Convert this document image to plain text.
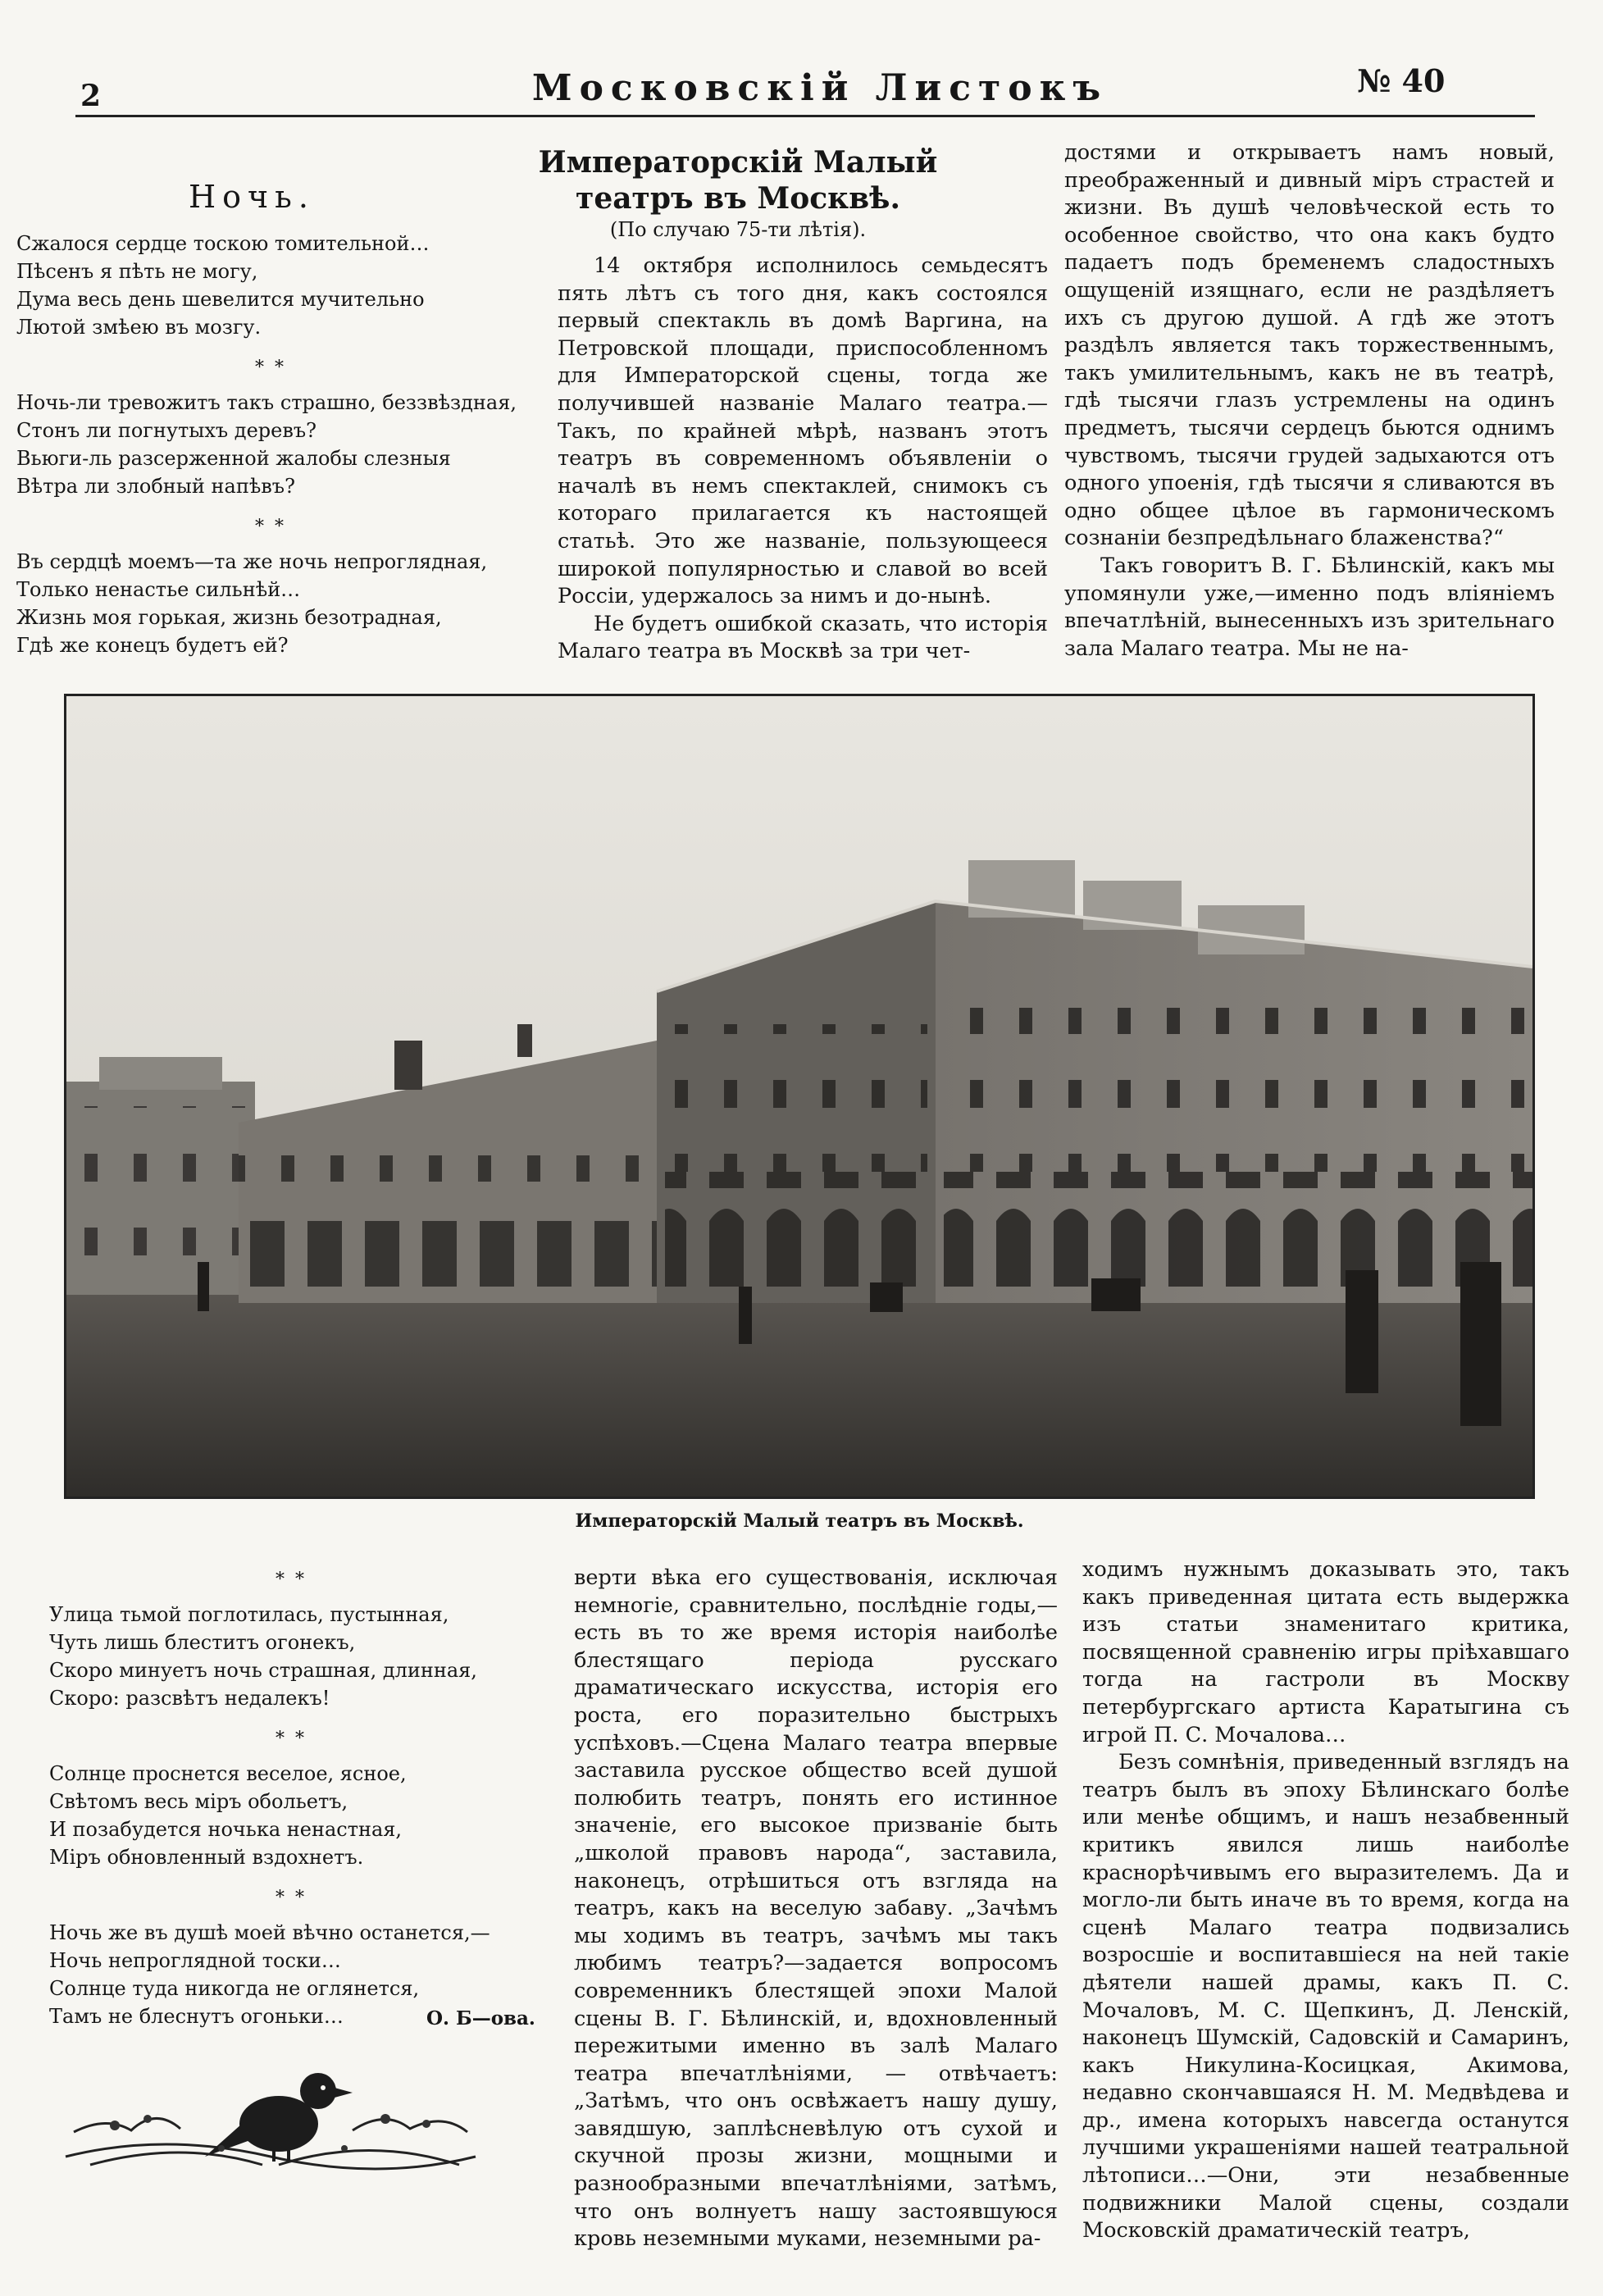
2	Московскій Листокъ	№ 40
Ночь.
Сжалося сердце тоскою томительной…
Пѣсенъ я пѣть не могу,
Дума весь день шевелится мучительно
Лютой змѣею въ мозгу.
* *
Ночь-ли тревожитъ такъ страшно, беззвѣздная,
Стонъ ли погнутыхъ деревъ?
Вьюги-ль разсерженной жалобы слезныя
Вѣтра ли злобный напѣвъ?
* *
Въ сердцѣ моемъ—та же ночь непроглядная,
Только ненастье сильнѣй…
Жизнь моя горькая, жизнь безотрадная,
Гдѣ же конецъ будетъ ей?
Императорскій Малый театръ въ Москвѣ.
(По случаю 75-ти лѣтія).

14 октября исполнилось семьдесятъ пять лѣтъ съ того дня, какъ состоялся первый спектакль въ домѣ Варгина, на Петровской площади, приспособленномъ для Императорской сцены, тогда же получившей названіе Малаго театра.—Такъ, по крайней мѣрѣ, названъ этотъ театръ въ современномъ объявленіи о началѣ въ немъ спектаклей, снимокъ съ котораго прилагается къ настоящей статьѣ. Это же названіе, пользующееся широкой популярностью и славой во всей Россіи, удержалось за нимъ и до-нынѣ.

Не будетъ ошибкой сказать, что исторія Малаго театра въ Москвѣ за три чет-

достями и открываетъ намъ новый, преображенный и дивный міръ страстей и жизни. Въ душѣ человѣческой есть то особенное свойство, что она какъ будто падаетъ подъ бременемъ сладостныхъ ощущеній изящнаго, если не раздѣляетъ ихъ съ другою душой. А гдѣ же этотъ раздѣлъ является такъ торжественнымъ, такъ умилительнымъ, какъ не въ театрѣ, гдѣ тысячи глазъ устремлены на одинъ предметъ, тысячи сердецъ бьются однимъ чувствомъ, тысячи грудей задыхаются отъ одного упоенія, гдѣ тысячи я сливаются въ одно общее цѣлое въ гармоническомъ сознаніи безпредѣльнаго блаженства?“

Такъ говоритъ В. Г. Бѣлинскій, какъ мы упомянули уже,—именно подъ вліяніемъ впечатлѣній, вынесенныхъ изъ зрительнаго зала Малаго театра. Мы не на-

Императорскій Малый театръ въ Москвѣ.
* *
Улица тьмой поглотилась, пустынная,
Чуть лишь блеститъ огонекъ,
Скоро минуетъ ночь страшная, длинная,
Скоро: разсвѣтъ недалекъ!
* *
Солнце проснется веселое, ясное,
Свѣтомъ весь міръ обольетъ,
И позабудется ночька ненастная,
Міръ обновленный вздохнетъ.
* *
Ночь же въ душѣ моей вѣчно останется,—
Ночь непроглядной тоски…
Солнце туда никогда не оглянется,
Тамъ не блеснутъ огоньки…	О. Б—ова.

верти вѣка его существованія, исключая немногіе, сравнительно, послѣдніе годы,—есть въ то же время исторія наиболѣе блестящаго періода русскаго драматическаго искусства, исторія его роста, его поразительно быстрыхъ успѣховъ.—Сцена Малаго театра впервые заставила русское общество всей душой полюбить театръ, понять его истинное значеніе, его высокое призваніе быть „школой правовъ народа“, заставила, наконецъ, отрѣшиться отъ взгляда на театръ, какъ на веселую забаву. „Зачѣмъ мы ходимъ въ театръ, зачѣмъ мы такъ любимъ театръ?—задается вопросомъ современникъ блестящей эпохи Малой сцены В. Г. Бѣлинскій, и, вдохновленный пережитыми именно въ залѣ Малаго театра впечатлѣніями, — отвѣчаетъ: „Затѣмъ, что онъ освѣжаетъ нашу душу, завядшую, заплѣсневѣлую отъ сухой и скучной прозы жизни, мощными и разнообразными впечатлѣніями, затѣмъ, что онъ волнуетъ нашу застоявшуюся кровь неземными муками, неземными ра-

ходимъ нужнымъ доказывать это, такъ какъ приведенная цитата есть выдержка изъ статьи знаменитаго критика, посвященной сравненію игры пріѣхавшаго тогда на гастроли въ Москву петербургскаго артиста Каратыгина съ игрой П. С. Мочалова…

Безъ сомнѣнія, приведенный взглядъ на театръ былъ въ эпоху Бѣлинскаго болѣе или менѣе общимъ, и нашъ незабвенный критикъ явился лишь наиболѣе краснорѣчивымъ его выразителемъ. Да и могло-ли быть иначе въ то время, когда на сценѣ Малаго театра подвизались возросшіе и воспитавшіеся на ней такіе дѣятели нашей драмы, какъ П. С. Мочаловъ, М. С. Щепкинъ, Д. Ленскій, наконецъ Шумскій, Садовскій и Самаринъ, какъ Никулина-Косицкая, Акимова, недавно скончавшаяся Н. М. Медвѣдева и др., имена которыхъ навсегда останутся лучшими украшеніями нашей театральной лѣтописи…—Они, эти незабвенные подвижники Малой сцены, создали Московскій драматическій театръ,
